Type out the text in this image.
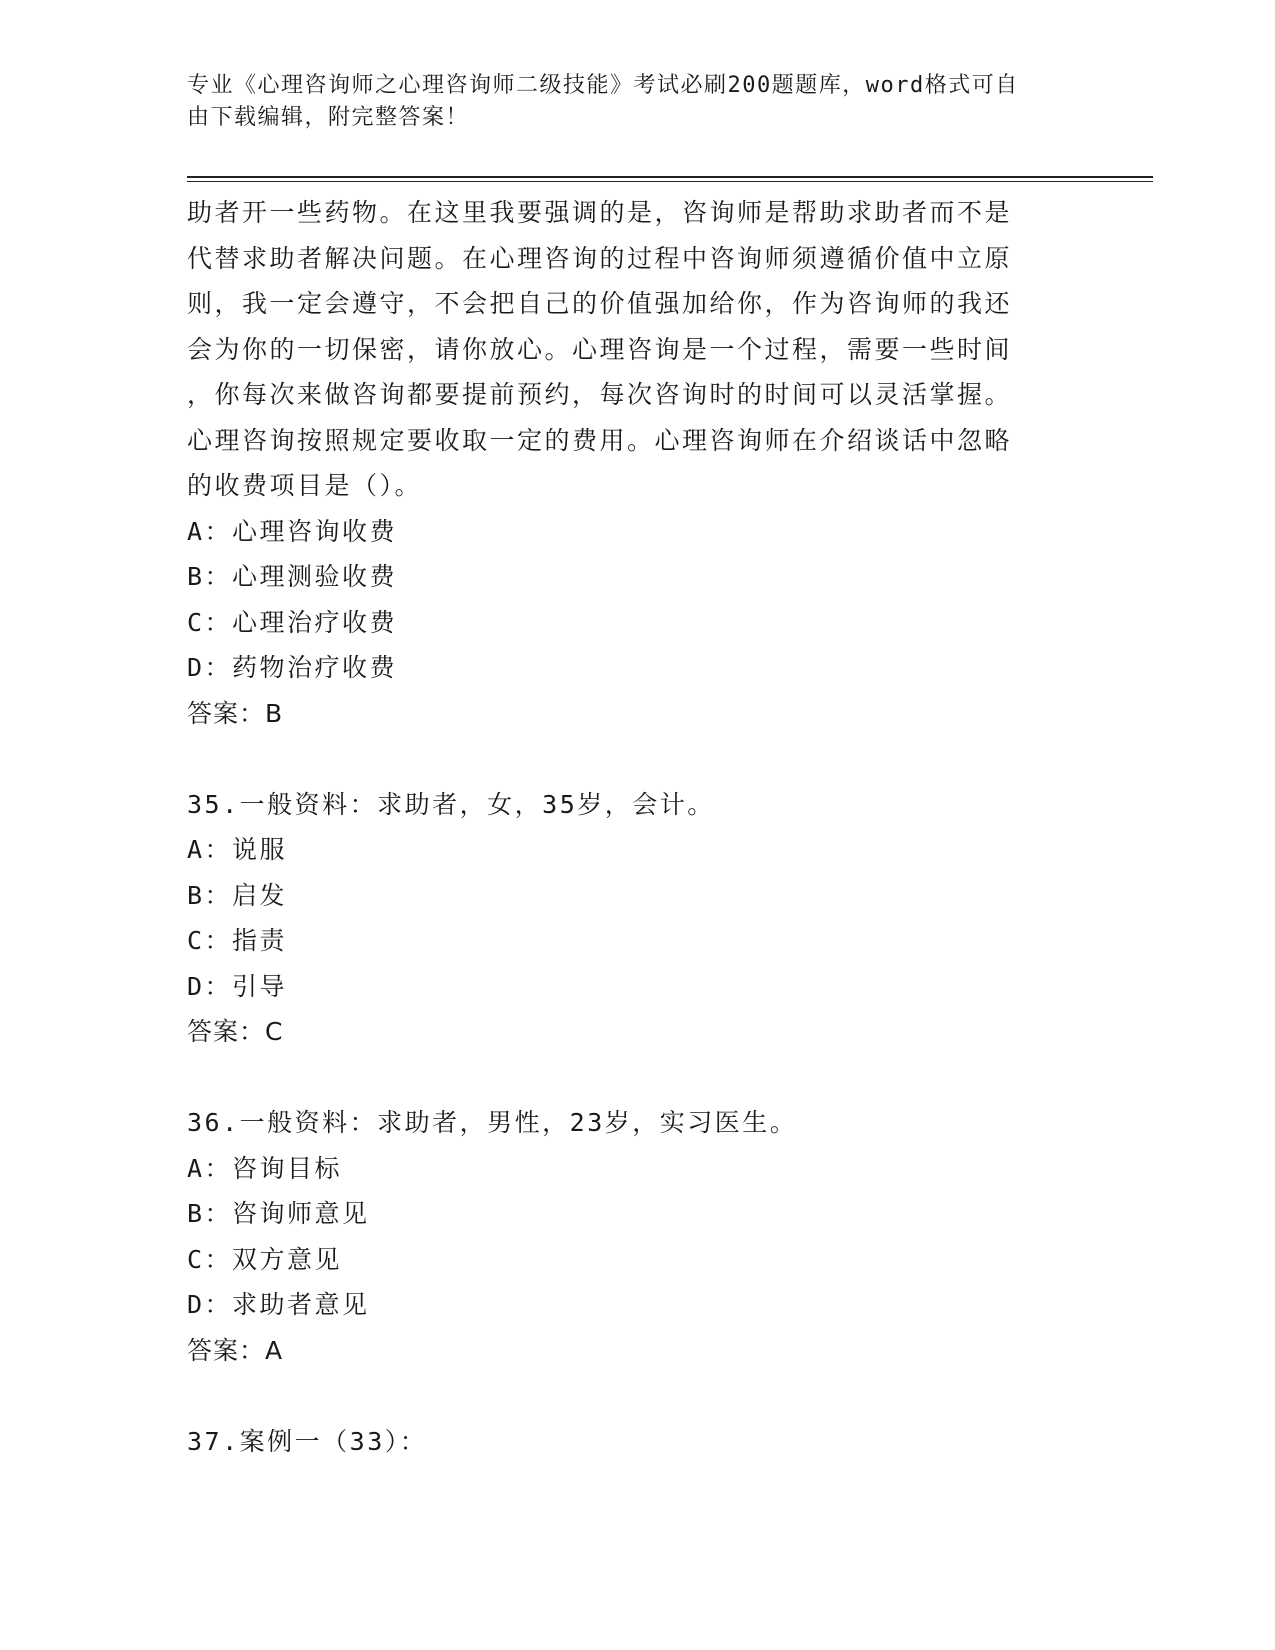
专业《心理咨询师之心理咨询师二级技能》考试必刷200题题库，word格式可自
由下载编辑，附完整答案！
助者开一些药物。在这里我要强调的是，咨询师是帮助求助者而不是
代替求助者解决问题。在心理咨询的过程中咨询师须遵循价值中立原
则，我一定会遵守，不会把自己的价值强加给你，作为咨询师的我还
会为你的一切保密，请你放心。心理咨询是一个过程，需要一些时间
，你每次来做咨询都要提前预约，每次咨询时的时间可以灵活掌握。
心理咨询按照规定要收取一定的费用。心理咨询师在介绍谈话中忽略
的收费项目是（）。
A：心理咨询收费
B：心理测验收费
C：心理治疗收费
D：药物治疗收费
答案：B
35.一般资料：求助者，女，35岁，会计。
A：说服
B：启发
C：指责
D：引导
答案：C
36.一般资料：求助者，男性，23岁，实习医生。
A：咨询目标
B：咨询师意见
C：双方意见
D：求助者意见
答案：A
37.案例一（33）：
